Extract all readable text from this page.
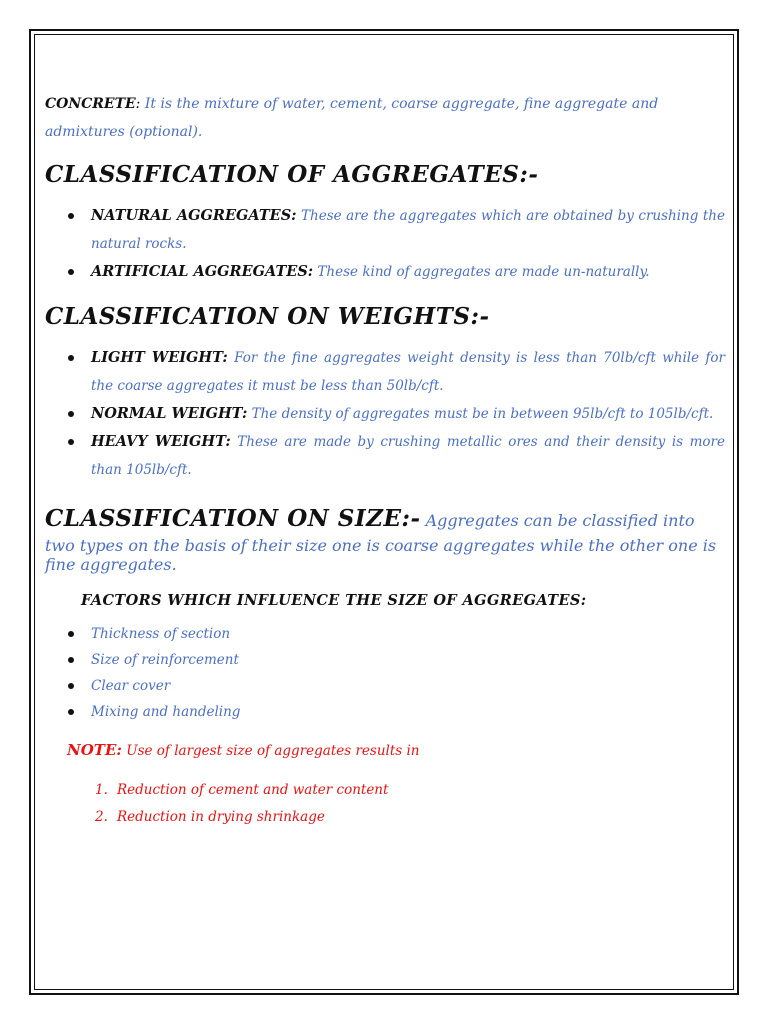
CONCRETE: It is the mixture of water, cement, coarse aggregate, fine aggregate and admixtures (optional).

CLASSIFICATION OF AGGREGATES:-
NATURAL AGGREGATES: These are the aggregates which are obtained by crushing the natural rocks.
ARTIFICIAL AGGREGATES: These kind of aggregates are made un-naturally.
CLASSIFICATION ON WEIGHTS:-
LIGHT WEIGHT: For the fine aggregates weight density is less than 70lb/cft while for the coarse aggregates it must be less than 50lb/cft.
NORMAL WEIGHT: The density of aggregates must be in between 95lb/cft to 105lb/cft.
HEAVY WEIGHT: These are made by crushing metallic ores and their density is more than 105lb/cft.

CLASSIFICATION ON SIZE:- Aggregates can be classified into two types on the basis of their size one is coarse aggregates while the other one is fine aggregates.

FACTORS WHICH INFLUENCE THE SIZE OF AGGREGATES:

Thickness of section
Size of reinforcement
Clear cover
Mixing and handeling

NOTE: Use of largest size of aggregates results in

1. Reduction of cement and water content
2. Reduction in drying shrinkage
